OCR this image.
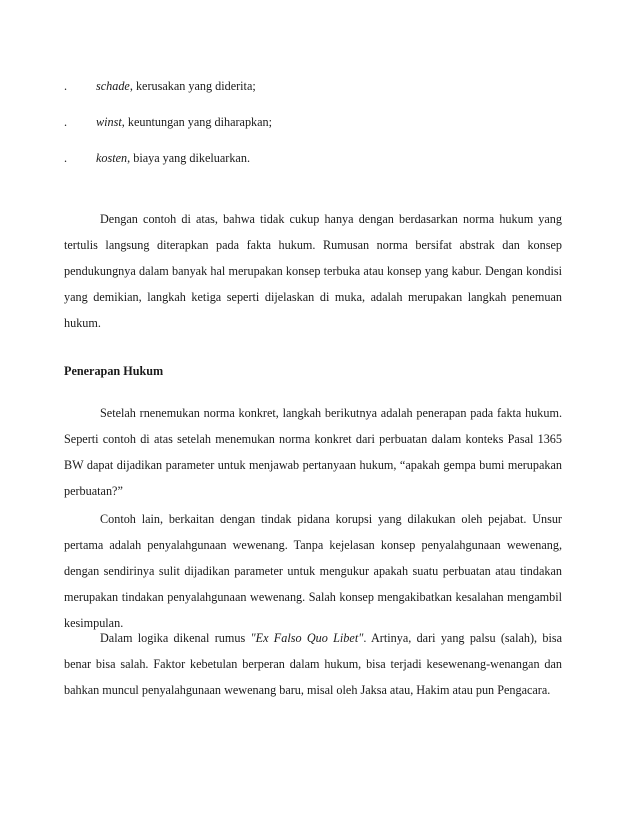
. schade, kerusakan yang diderita;
. winst, keuntungan yang diharapkan;
. kosten, biaya yang dikeluarkan.

Dengan contoh di atas, bahwa tidak cukup hanya dengan berdasarkan norma hukum yang tertulis langsung diterapkan pada fakta hukum. Rumusan norma bersifat abstrak dan konsep pendukungnya dalam banyak hal merupakan konsep terbuka atau konsep yang kabur. Dengan kondisi yang demikian, langkah ketiga seperti dijelaskan di muka, adalah merupakan langkah penemuan hukum.

Penerapan Hukum

Setelah rnenemukan norma konkret, langkah berikutnya adalah penerapan pada fakta hukum. Seperti contoh di atas setelah menemukan norma konkret dari perbuatan dalam konteks Pasal 1365 BW dapat dijadikan parameter untuk menjawab pertanyaan hukum, “apakah gempa bumi merupakan perbuatan?”

Contoh lain, berkaitan dengan tindak pidana korupsi yang dilakukan oleh pejabat. Unsur pertama adalah penyalahgunaan wewenang. Tanpa kejelasan konsep penyalahgunaan wewenang, dengan sendirinya sulit dijadikan parameter untuk mengukur apakah suatu perbuatan atau tindakan merupakan tindakan penyalahgunaan wewenang. Salah konsep mengakibatkan kesalahan mengambil kesimpulan.

Dalam logika dikenal rumus "Ex Falso Quo Libet". Artinya, dari yang palsu (salah), bisa benar bisa salah. Faktor kebetulan berperan dalam hukum, bisa terjadi kesewenang-wenangan dan bahkan muncul penyalahgunaan wewenang baru, misal oleh Jaksa atau, Hakim atau pun Pengacara.
